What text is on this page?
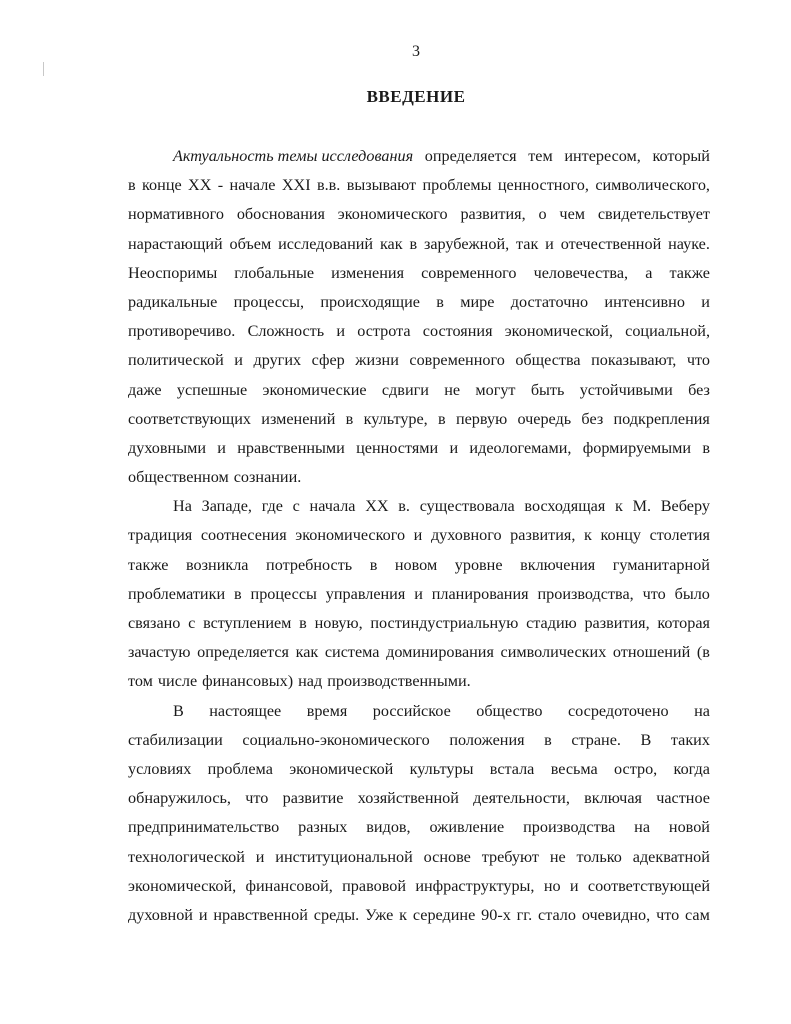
3
ВВЕДЕНИЕ
Актуальность темы исследования определяется тем интересом, который
в конце XX - начале XXI в.в. вызывают проблемы ценностного, символического,
нормативного обоснования экономического развития, о чем свидетельствует
нарастающий объем исследований как в зарубежной, так и отечественной науке.
Неоспоримы глобальные изменения современного человечества, а также
радикальные процессы, происходящие в мире достаточно интенсивно и
противоречиво. Сложность и острота состояния экономической, социальной,
политической и других сфер жизни современного общества показывают, что
даже успешные экономические сдвиги не могут быть устойчивыми без
соответствующих изменений в культуре, в первую очередь без подкрепления
духовными и нравственными ценностями и идеологемами, формируемыми в
общественном сознании.
На Западе, где с начала XX в. существовала восходящая к М. Веберу
традиция соотнесения экономического и духовного развития, к концу столетия
также возникла потребность в новом уровне включения гуманитарной
проблематики в процессы управления и планирования производства, что было
связано с вступлением в новую, постиндустриальную стадию развития, которая
зачастую определяется как система доминирования символических отношений (в
том числе финансовых) над производственными.
В настоящее время российское общество сосредоточено на
стабилизации социально-экономического положения в стране. В таких
условиях проблема экономической культуры встала весьма остро, когда
обнаружилось, что развитие хозяйственной деятельности, включая частное
предпринимательство разных видов, оживление производства на новой
технологической и институциональной основе требуют не только адекватной
экономической, финансовой, правовой инфраструктуры, но и соответствующей
духовной и нравственной среды. Уже к середине 90-х гг. стало очевидно, что сам
